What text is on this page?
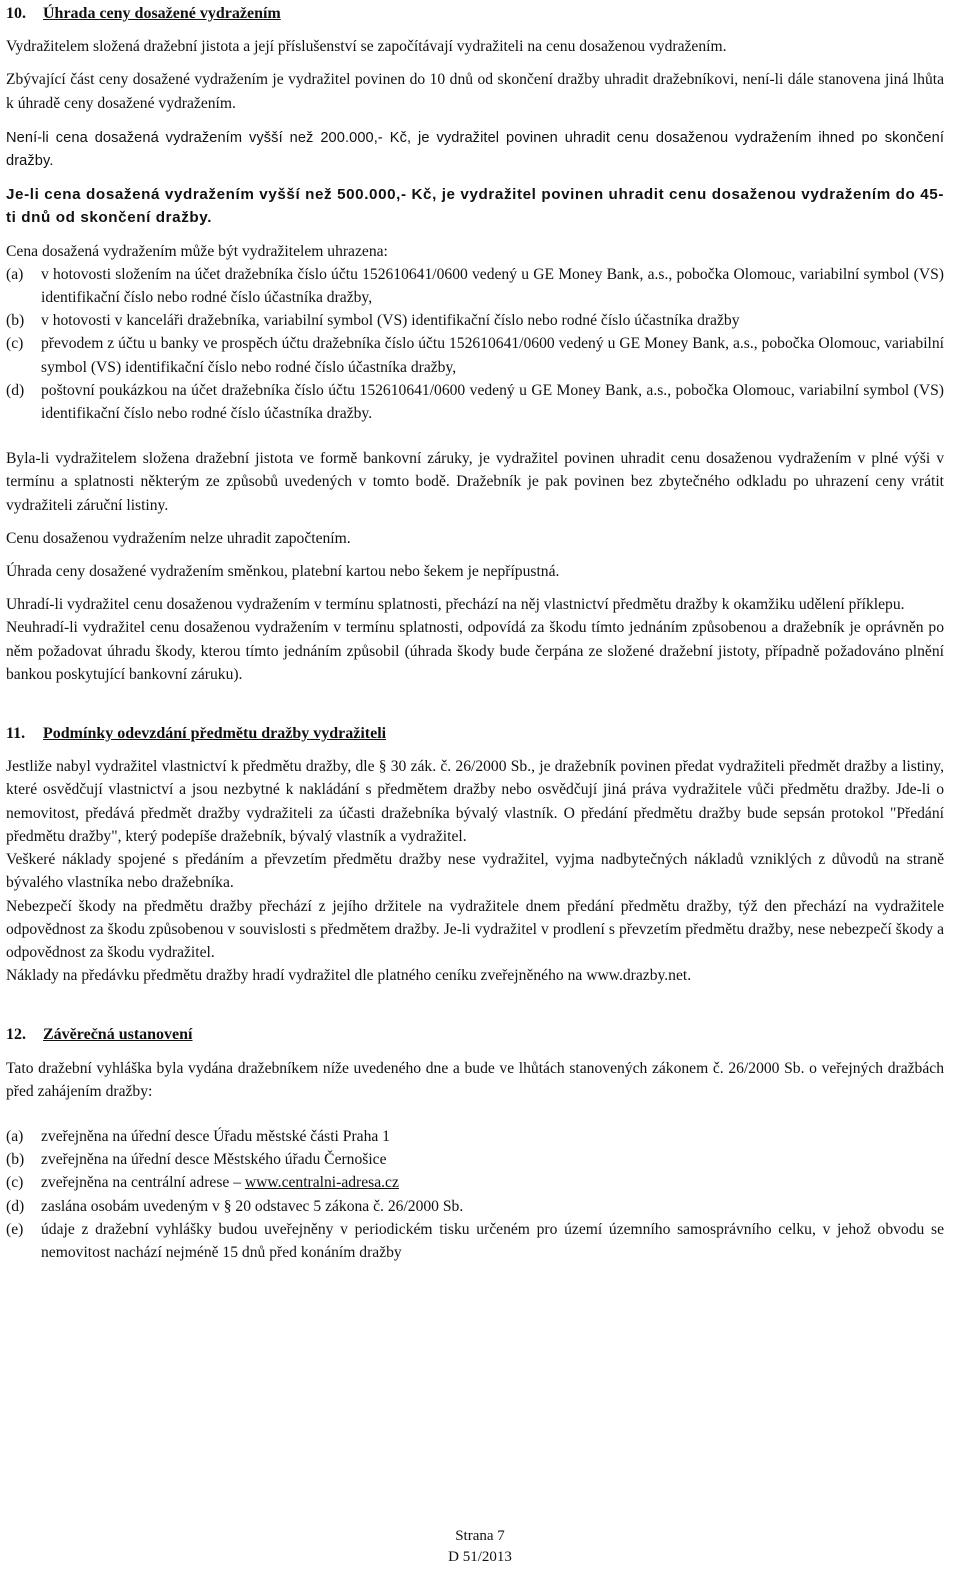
10.	Úhrada ceny dosažené vydražením

Vydražitelem složená dražební jistota a její příslušenství se započítávají vydražiteli na cenu dosaženou vydražením.

Zbývající část ceny dosažené vydražením je vydražitel povinen do 10 dnů od skončení dražby uhradit dražebníkovi, není-li dále stanovena jiná lhůta k úhradě ceny dosažené vydražením.

Není-li cena dosažená vydražením vyšší než 200.000,- Kč, je vydražitel povinen uhradit cenu dosaženou vydražením ihned po skončení dražby.

Je-li cena dosažená vydražením vyšší než 500.000,- Kč, je vydražitel povinen uhradit cenu dosaženou vydražením do 45-ti dnů od skončení dražby.

Cena dosažená vydražením může být vydražitelem uhrazena:

(a)	v hotovosti složením na účet dražebníka číslo účtu 152610641/0600 vedený u GE Money Bank, a.s., pobočka Olomouc, variabilní symbol (VS) identifikační číslo nebo rodné číslo účastníka dražby,
(b)	v hotovosti v kanceláři dražebníka, variabilní symbol (VS) identifikační číslo nebo rodné číslo účastníka dražby
(c)	převodem z účtu u banky ve prospěch účtu dražebníka číslo účtu 152610641/0600 vedený u GE Money Bank, a.s., pobočka Olomouc, variabilní symbol (VS) identifikační číslo nebo rodné číslo účastníka dražby,
(d)	poštovní poukázkou na účet dražebníka číslo účtu 152610641/0600 vedený u GE Money Bank, a.s., pobočka Olomouc, variabilní symbol (VS) identifikační číslo nebo rodné číslo účastníka dražby.

Byla-li vydražitelem složena dražební jistota ve formě bankovní záruky, je vydražitel povinen uhradit cenu dosaženou vydražením v plné výši v termínu a splatnosti některým ze způsobů uvedených v tomto bodě. Dražebník je pak povinen bez zbytečného odkladu po uhrazení ceny vrátit vydražiteli záruční listiny.

Cenu dosaženou vydražením nelze uhradit započtením.

Úhrada ceny dosažené vydražením směnkou, platební kartou nebo šekem je nepřípustná.

Uhradí-li vydražitel cenu dosaženou vydražením v termínu splatnosti, přechází na něj vlastnictví předmětu dražby k okamžiku udělení příklepu.

Neuhradí-li vydražitel cenu dosaženou vydražením v termínu splatnosti, odpovídá za škodu tímto jednáním způsobenou a dražebník je oprávněn po něm požadovat úhradu škody, kterou tímto jednáním způsobil (úhrada škody bude čerpána ze složené dražební jistoty, případně požadováno plnění bankou poskytující bankovní záruku).

11.	Podmínky odevzdání předmětu dražby vydražiteli

Jestliže nabyl vydražitel vlastnictví k předmětu dražby, dle § 30 zák. č. 26/2000 Sb., je dražebník povinen předat vydražiteli předmět dražby a listiny, které osvědčují vlastnictví a jsou nezbytné k nakládání s předmětem dražby nebo osvědčují jiná práva vydražitele vůči předmětu dražby. Jde-li o nemovitost, předává předmět dražby vydražiteli za účasti dražebníka bývalý vlastník. O předání předmětu dražby bude sepsán protokol "Předání předmětu dražby", který podepíše dražebník, bývalý vlastník a vydražitel.

Veškeré náklady spojené s předáním a převzetím předmětu dražby nese vydražitel, vyjma nadbytečných nákladů vzniklých z důvodů na straně bývalého vlastníka nebo dražebníka.

Nebezpečí škody na předmětu dražby přechází z jejího držitele na vydražitele dnem předání předmětu dražby, týž den přechází na vydražitele odpovědnost za škodu způsobenou v souvislosti s předmětem dražby. Je-li vydražitel v prodlení s převzetím předmětu dražby, nese nebezpečí škody a odpovědnost za škodu vydražitel.

Náklady na předávku předmětu dražby hradí vydražitel dle platného ceníku zveřejněného na www.drazby.net.

12.	Závěrečná ustanovení

Tato dražební vyhláška byla vydána dražebníkem níže uvedeného dne a bude ve lhůtách stanovených zákonem č. 26/2000 Sb. o veřejných dražbách před zahájením dražby:

(a)	zveřejněna na úřední desce Úřadu městské části Praha 1
(b)	zveřejněna na úřední desce Městského úřadu Černošice
(c)	zveřejněna na centrální adrese – www.centralni-adresa.cz
(d)	zaslána osobám uvedeným v § 20 odstavec 5 zákona č. 26/2000 Sb.
(e)	údaje z dražební vyhlášky budou uveřejněny v periodickém tisku určeném pro území územního samosprávního celku, v jehož obvodu se nemovitost nachází nejméně 15 dnů před konáním dražby
Strana 7
D 51/2013
